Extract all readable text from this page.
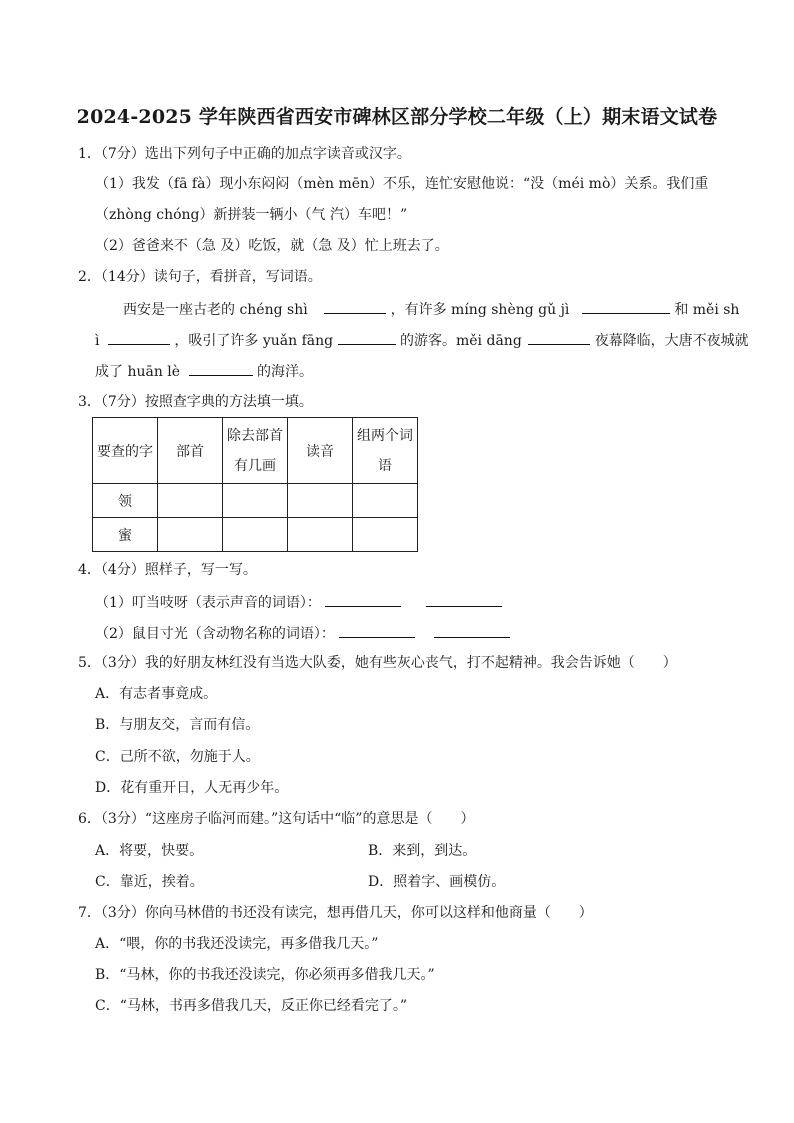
2024-2025 学年陕西省西安市碑林区部分学校二年级（上）期末语文试卷
1．（7分）选出下列句子中正确的加点字读音或汉字。
（1）我发（fā fà）现小东闷闷（mèn mēn）不乐，连忙安慰他说：“没（méi mò）关系。我们重
（zhòng chóng）新拼装一辆小（气 汽）车吧！”
（2）爸爸来不（急 及）吃饭，就（急 及）忙上班去了。
2．（14分）读句子，看拼音，写词语。
西安是一座古老的 chéng shì	，有许多 míng shèng gǔ jì	和 měi sh
ì	，吸引了许多 yuǎn fāng	的游客。měi dāng	夜幕降临，大唐不夜城就
成了 huān lè	的海洋。
3．（7分）按照查字典的方法填一填。
要查的字	部首	除去部首有几画	读音	组两个词语
领				
蜜				
4．（4分）照样子，写一写。
（1）叮当吱呀（表示声音的词语）：
（2）鼠目寸光（含动物名称的词语）：
5．（3分）我的好朋友林红没有当选大队委，她有些灰心丧气，打不起精神。我会告诉她（　　）
A．有志者事竟成。
B．与朋友交，言而有信。
C．己所不欲，勿施于人。
D．花有重开日，人无再少年。
6．（3分）“这座房子临河而建。”这句话中“临”的意思是（　　）
A．将要，快要。	B．来到，到达。
C．靠近，挨着。	D．照着字、画模仿。
7．（3分）你向马林借的书还没有读完，想再借几天，你可以这样和他商量（　　）
A．“喂，你的书我还没读完，再多借我几天。”
B．“马林，你的书我还没读完，你必须再多借我几天。”
C．“马林，书再多借我几天，反正你已经看完了。”
